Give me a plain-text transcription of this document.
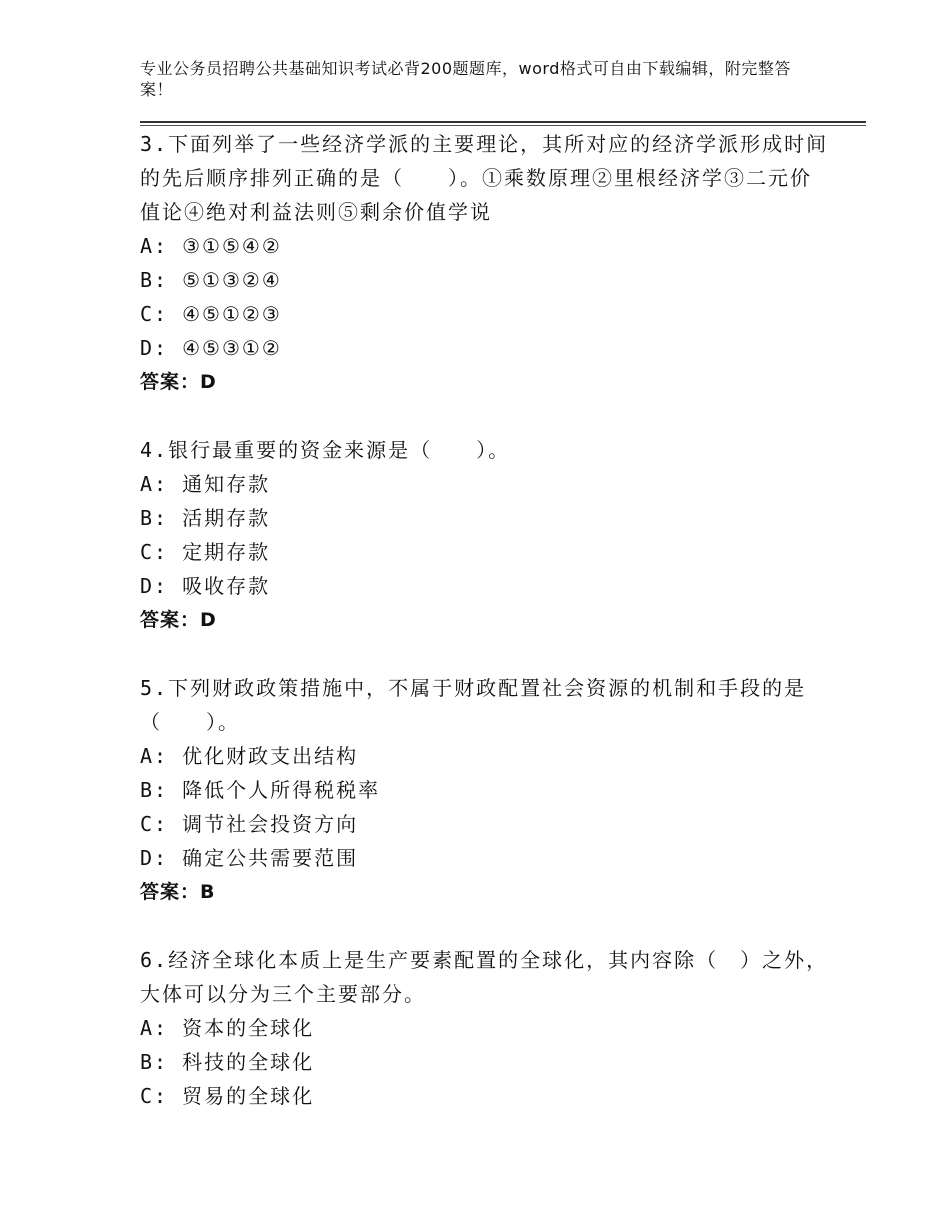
专业公务员招聘公共基础知识考试必背200题题库，word格式可自由下载编辑，附完整答案！

3.下面列举了一些经济学派的主要理论，其所对应的经济学派形成时间的先后顺序排列正确的是（　　）。①乘数原理②里根经济学③二元价值论④绝对利益法则⑤剩余价值学说

A: ③①⑤④②

B: ⑤①③②④

C: ④⑤①②③

D: ④⑤③①②

答案：D

4.银行最重要的资金来源是（　　）。

A: 通知存款

B: 活期存款

C: 定期存款

D: 吸收存款

答案：D

5.下列财政政策措施中，不属于财政配置社会资源的机制和手段的是（　　）。

A: 优化财政支出结构

B: 降低个人所得税税率

C: 调节社会投资方向

D: 确定公共需要范围

答案：B

6.经济全球化本质上是生产要素配置的全球化，其内容除（　）之外，大体可以分为三个主要部分。

A: 资本的全球化

B: 科技的全球化

C: 贸易的全球化
